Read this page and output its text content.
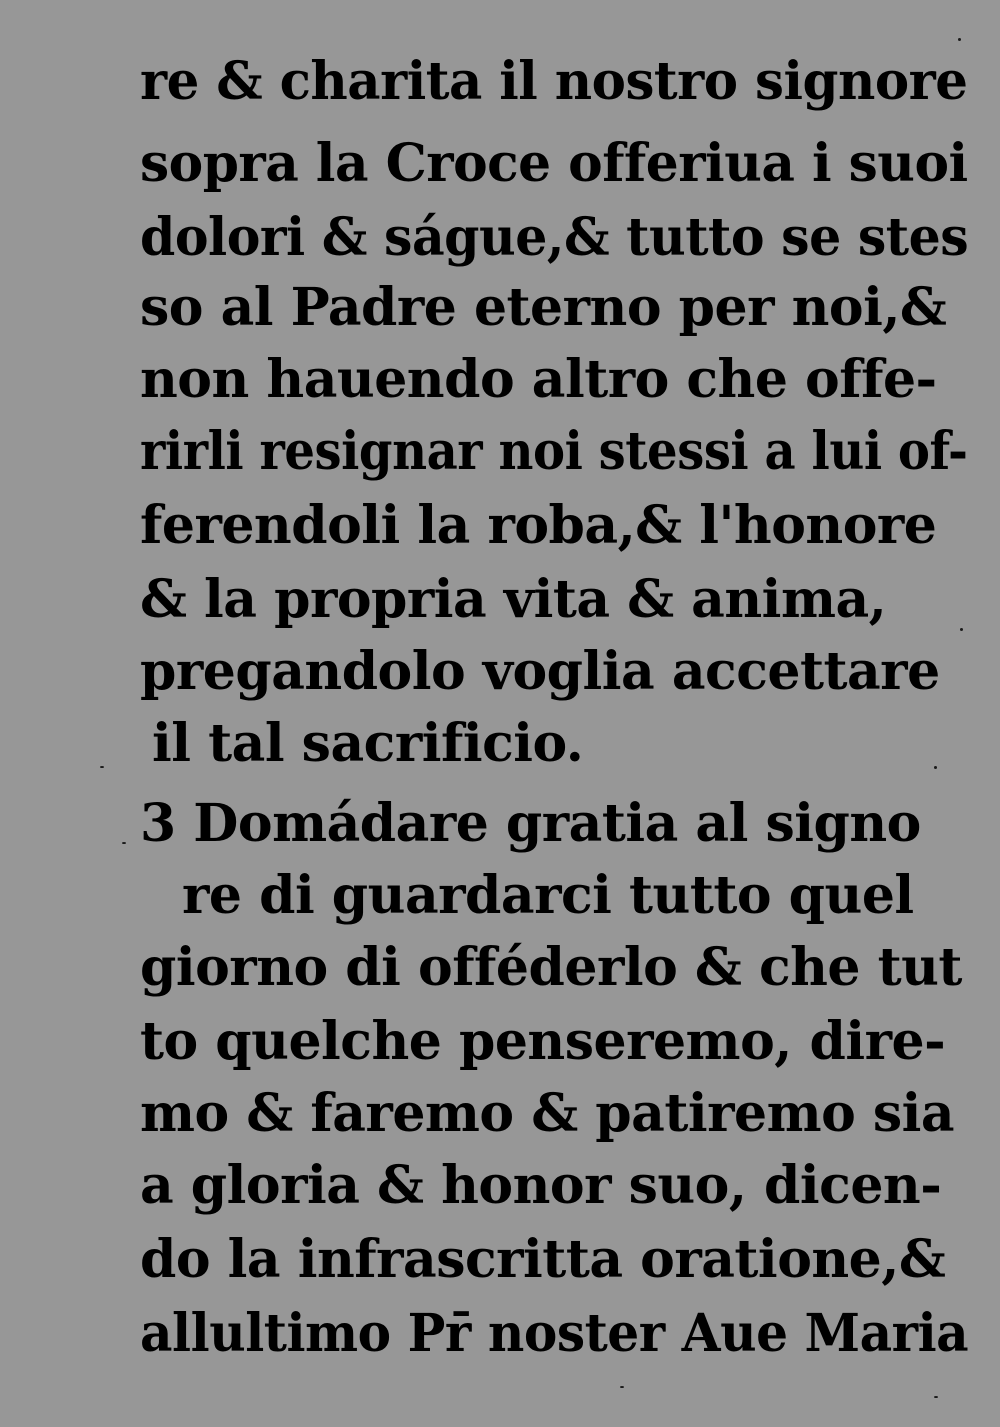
re & charita il nostro signore
sopra la Croce offeriua i suoi
dolori & ságue,& tutto se stes
so al Padre eterno per noi,&
non hauendo altro che offe-
rirli resignar noi stessi a lui of-
ferendoli la roba,& l'honore
& la propria vita & anima,
pregandolo voglia accettare
il tal sacrificio.
3 Domádare gratia al signo
re di guardarci tutto quel
giorno di offéderlo & che tut
to quelche penseremo, dire-
mo & faremo & patiremo sia
a gloria & honor suo, dicen-
do la infrascritta oratione,&
allultimo Pr̄ noster Aue Maria
